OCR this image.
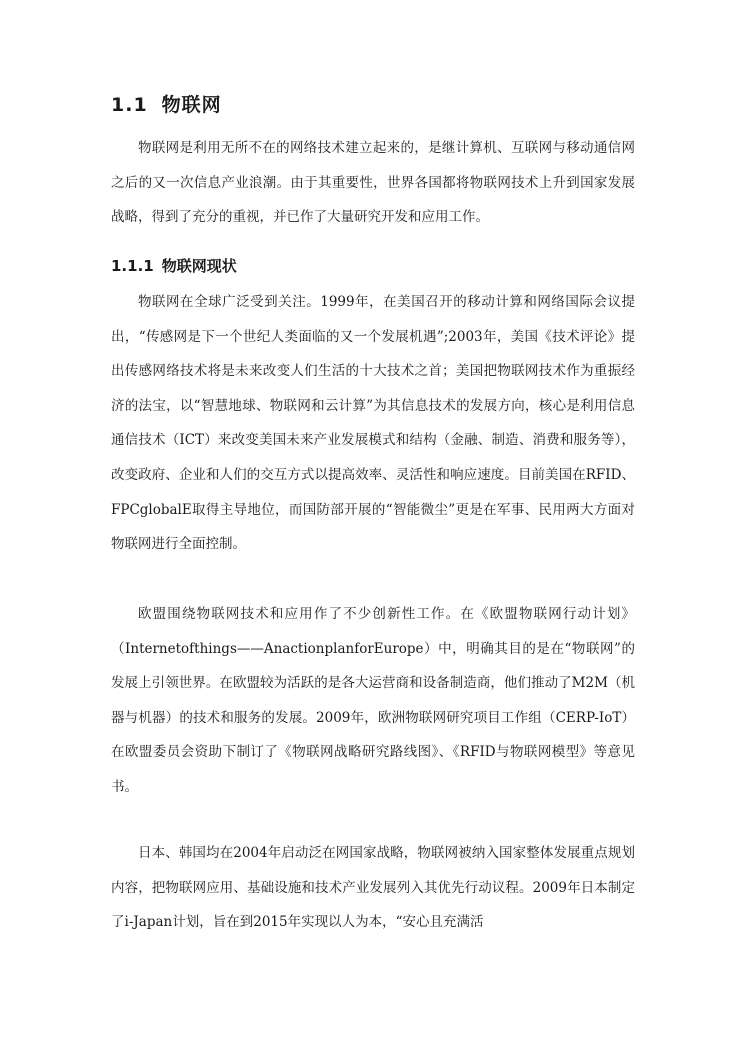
1.1 物联网

物联网是利用无所不在的网络技术建立起来的，是继计算机、互联网与移动通信网之后的又一次信息产业浪潮。由于其重要性，世界各国都将物联网技术上升到国家发展战略，得到了充分的重视，并已作了大量研究开发和应用工作。

1.1.1 物联网现状

物联网在全球广泛受到关注。1999年，在美国召开的移动计算和网络国际会议提出，“传感网是下一个世纪人类面临的又一个发展机遇”;2003年，美国《技术评论》提出传感网络技术将是未来改变人们生活的十大技术之首；美国把物联网技术作为重振经济的法宝，以“智慧地球、物联网和云计算”为其信息技术的发展方向，核心是利用信息通信技术（ICT）来改变美国未来产业发展模式和结构（金融、制造、消费和服务等），改变政府、企业和人们的交互方式以提高效率、灵活性和响应速度。目前美国在RFID、FPCglobalE取得主导地位，而国防部开展的“智能微尘”更是在军事、民用两大方面对物联网进行全面控制。

欧盟围绕物联网技术和应用作了不少创新性工作。在《欧盟物联网行动计划》（Internetofthings——AnactionplanforEurope）中，明确其目的是在“物联网”的发展上引领世界。在欧盟较为活跃的是各大运营商和设备制造商，他们推动了M2M（机器与机器）的技术和服务的发展。2009年，欧洲物联网研究项目工作组（CERP-IoT）在欧盟委员会资助下制订了《物联网战略研究路线图》、《RFID与物联网模型》等意见书。

日本、韩国均在2004年启动泛在网国家战略，物联网被纳入国家整体发展重点规划内容，把物联网应用、基础设施和技术产业发展列入其优先行动议程。2009年日本制定了i-Japan计划，旨在到2015年实现以人为本，“安心且充满活
